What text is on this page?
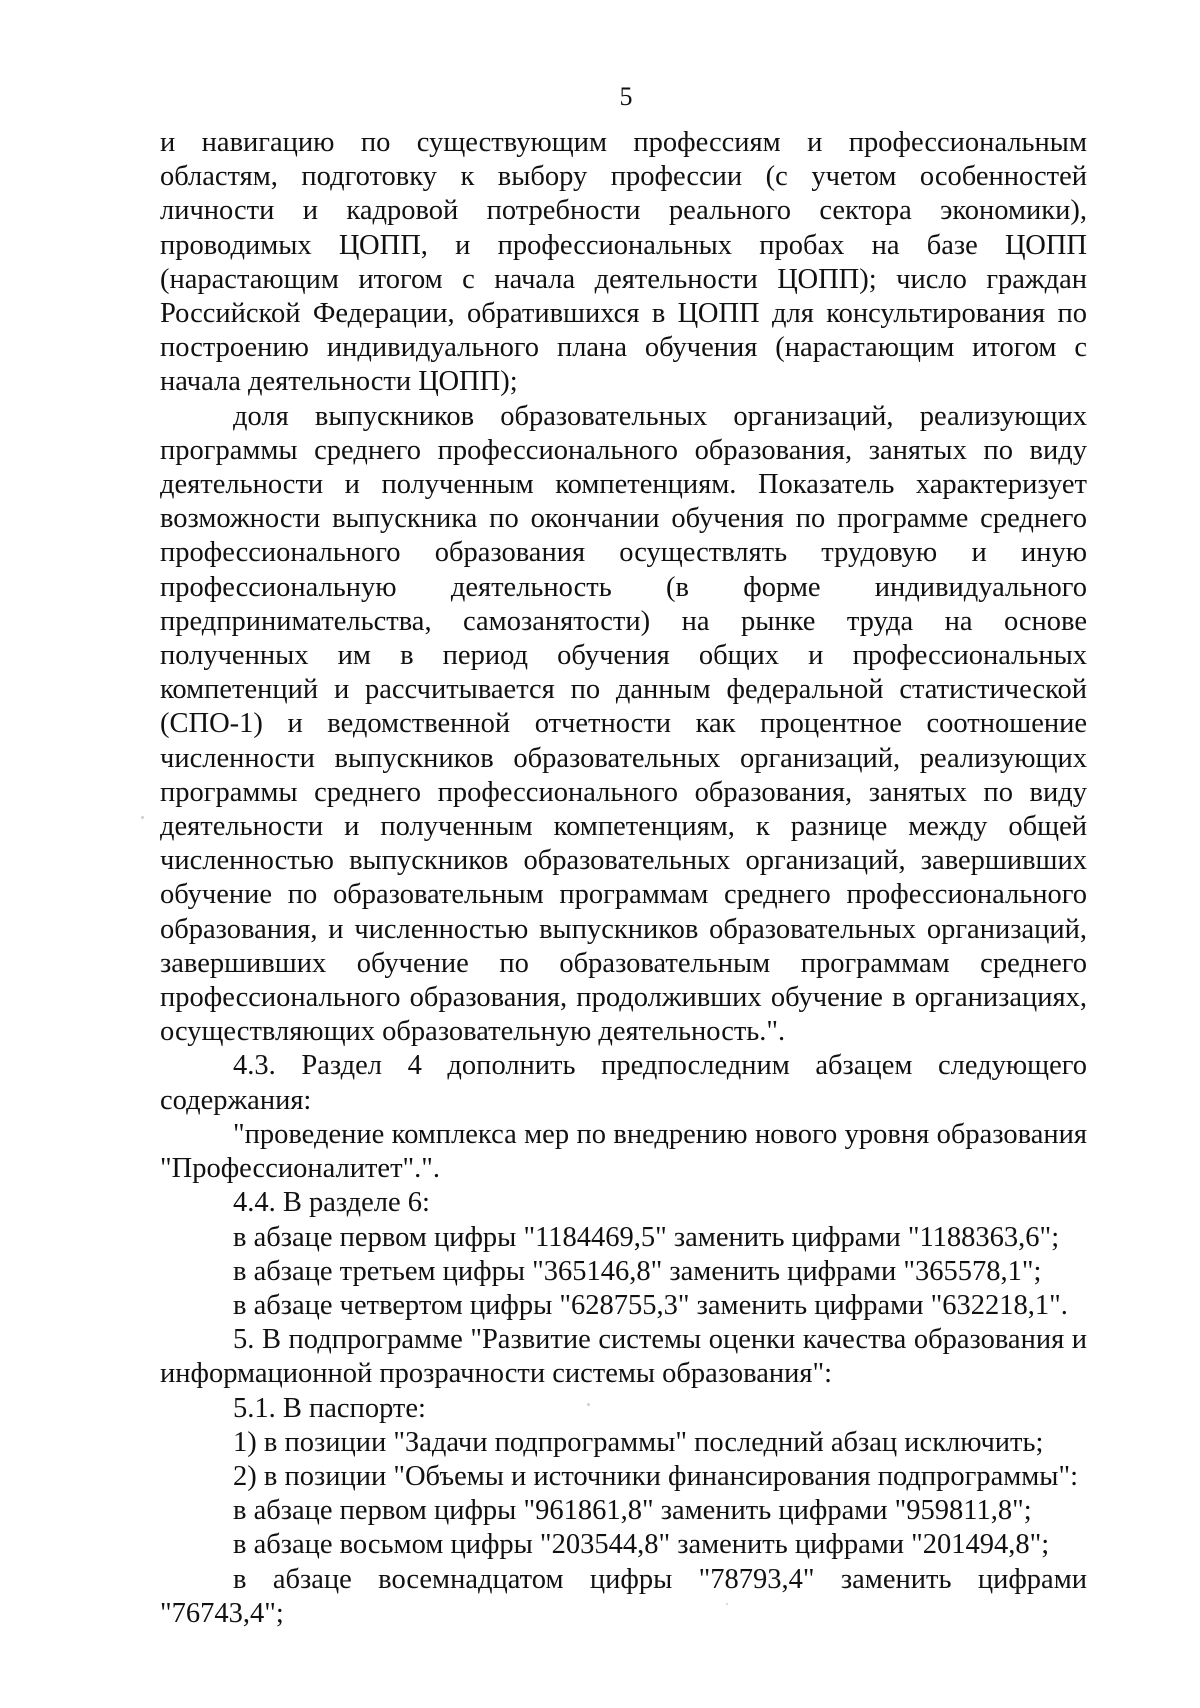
5

и навигацию по существующим профессиям и профессиональным областям, подготовку к выбору профессии (с учетом особенностей личности и кадровой потребности реального сектора экономики), проводимых ЦОПП, и профессиональных пробах на базе ЦОПП (нарастающим итогом с начала деятельности ЦОПП); число граждан Российской Федерации, обратившихся в ЦОПП для консультирования по построению индивидуального плана обучения (нарастающим итогом с начала деятельности ЦОПП);

доля выпускников образовательных организаций, реализующих программы среднего профессионального образования, занятых по виду деятельности и полученным компетенциям. Показатель характеризует возможности выпускника по окончании обучения по программе среднего профессионального образования осуществлять трудовую и иную профессиональную деятельность (в форме индивидуального предпринимательства, самозанятости) на рынке труда на основе полученных им в период обучения общих и профессиональных компетенций и рассчитывается по данным федеральной статистической (СПО-1) и ведомственной отчетности как процентное соотношение численности выпускников образовательных организаций, реализующих программы среднего профессионального образования, занятых по виду деятельности и полученным компетенциям, к разнице между общей численностью выпускников образовательных организаций, завершивших обучение по образовательным программам среднего профессионального образования, и численностью выпускников образовательных организаций, завершивших обучение по образовательным программам среднего профессионального образования, продолживших обучение в организациях, осуществляющих образовательную деятельность.".

4.3. Раздел 4 дополнить предпоследним абзацем следующего содержания:

"проведение комплекса мер по внедрению нового уровня образования "Профессионалитет".".

4.4. В разделе 6:

в абзаце первом цифры "1184469,5" заменить цифрами "1188363,6";

в абзаце третьем цифры "365146,8" заменить цифрами "365578,1";

в абзаце четвертом цифры "628755,3" заменить цифрами "632218,1".

5. В подпрограмме "Развитие системы оценки качества образования и информационной прозрачности системы образования":

5.1. В паспорте:

1) в позиции "Задачи подпрограммы" последний абзац исключить;

2) в позиции "Объемы и источники финансирования подпрограммы":

в абзаце первом цифры "961861,8" заменить цифрами "959811,8";

в абзаце восьмом цифры "203544,8" заменить цифрами "201494,8";

в абзаце восемнадцатом цифры "78793,4" заменить цифрами "76743,4";
